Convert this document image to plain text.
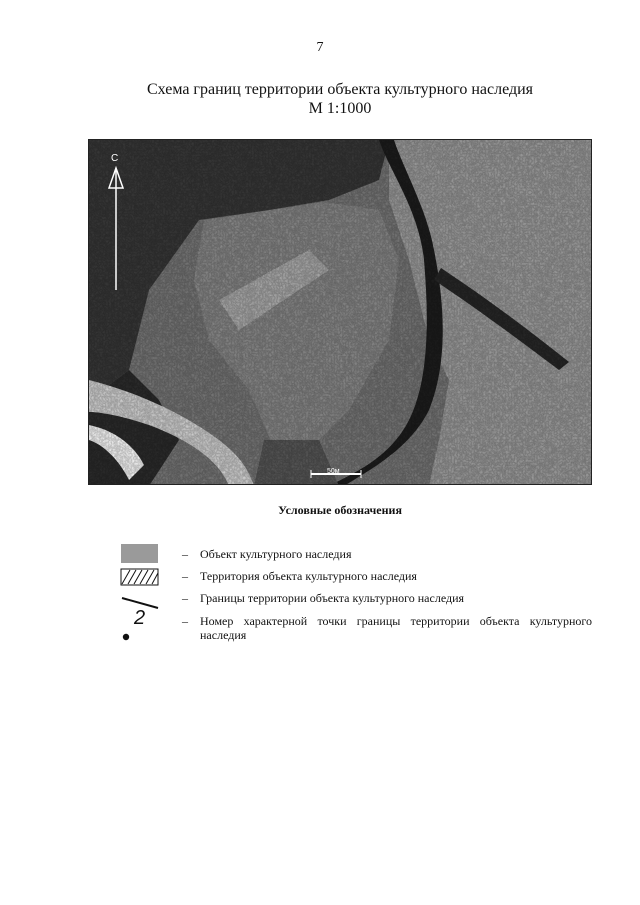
7
Схема границ территории объекта культурного наследия
М 1:1000
С
50м
Условные обозначения
– Объект культурного наследия
– Территория объекта культурного наследия
– Границы территории объекта культурного наследия
2	– Номер характерной точки границы территории объекта культурного наследия
